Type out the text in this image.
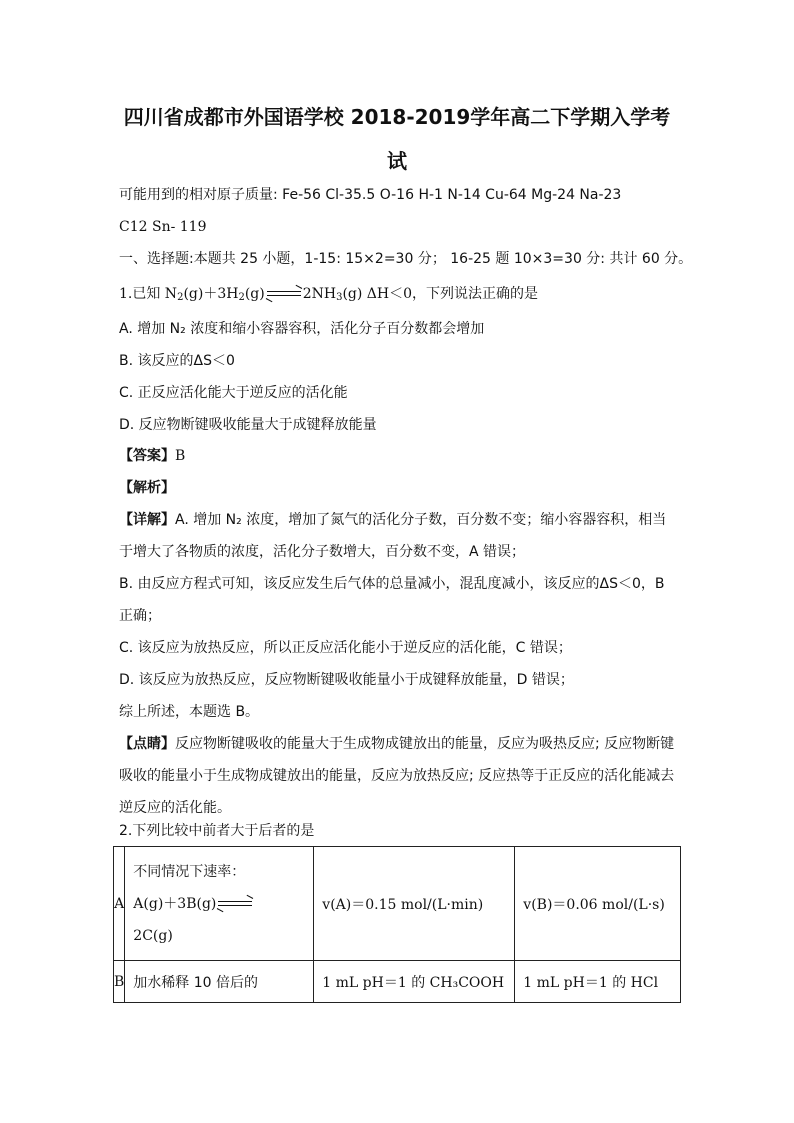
四川省成都市外国语学校 2018-2019学年高二下学期入学考
试
可能用到的相对原子质量: Fe-56 Cl-35.5 O-16 H-1 N-14 Cu-64 Mg-24 Na-23
C12 Sn- 119
一、选择题:本题共 25 小题，1-15: 15×2=30 分； 16-25 题 10×3=30 分: 共计 60 分。
1.已知 $N_2(g)+3H_2(g)$	$2NH_3(g)$ ΔH＜0，下列说法正确的是
A. 增加 N₂ 浓度和缩小容器容积，活化分子百分数都会增加
B. 该反应的ΔS＜0
C. 正反应活化能大于逆反应的活化能
D. 反应物断键吸收能量大于成键释放能量
【答案】B
【解析】
【详解】A. 增加 N₂ 浓度，增加了氮气的活化分子数，百分数不变；缩小容器容积，相当
于增大了各物质的浓度，活化分子数增大，百分数不变，A 错误；
B. 由反应方程式可知，该反应发生后气体的总量减小，混乱度减小，该反应的ΔS＜0，B
正确；
C. 该反应为放热反应，所以正反应活化能小于逆反应的活化能，C 错误；
D. 该反应为放热反应，反应物断键吸收能量小于成键释放能量，D 错误；
综上所述，本题选 B。
【点睛】反应物断键吸收的能量大于生成物成键放出的能量，反应为吸热反应; 反应物断键
吸收的能量小于生成物成键放出的能量，反应为放热反应; 反应热等于正反应的活化能减去
逆反应的活化能。
2.下列比较中前者大于后者的是
A	不同情况下速率：
A(g)＋3B(g)
2C(g)	v(A)＝0.15 mol/(L·min)	v(B)＝0.06 mol/(L·s)
B	加水稀释 10 倍后的	1 mL pH＝1 的 CH₃COOH	1 mL pH＝1 的 HCl
